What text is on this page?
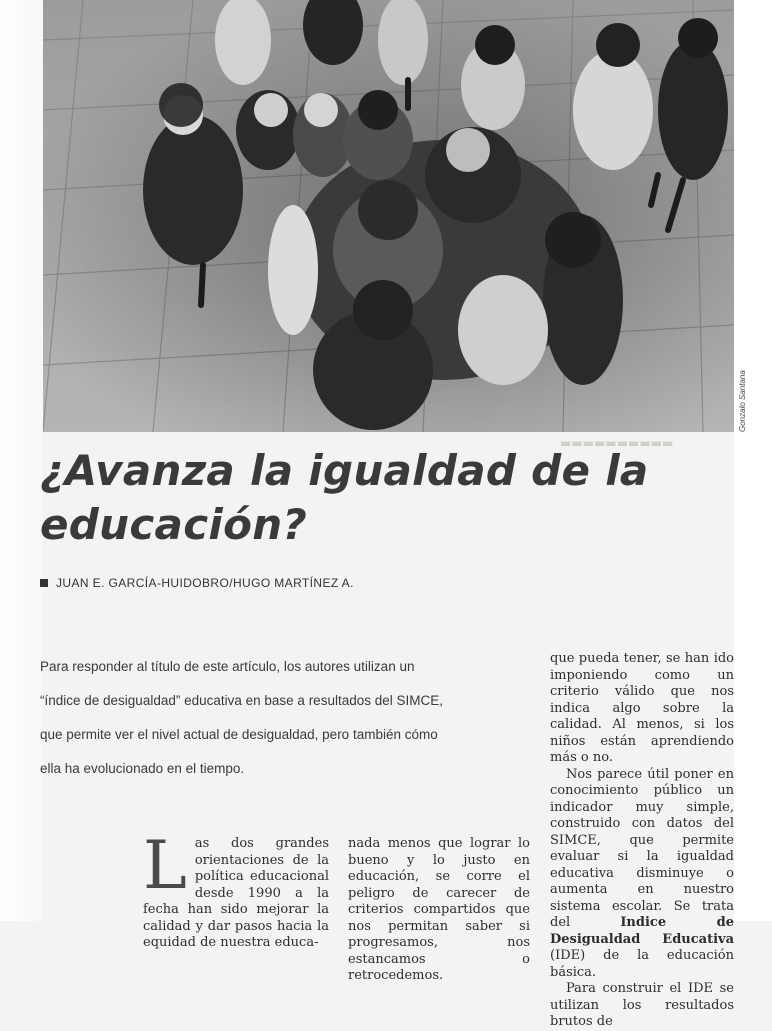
▬▬▬▬▬▬▬▬▬▬
Gonzalo Santana
¿Avanza la igualdad de la
educación?
JUAN E. GARCÍA-HUIDOBRO/HUGO MARTÍNEZ A.

Para responder al título de este artículo, los autores utilizan un

“índice de desigualdad” educativa en base a resultados del SIMCE,

que permite ver el nivel actual de desigualdad, pero también cómo

ella ha evolucionado en el tiempo.

L as dos grandes orientaciones de la política educacional desde 1990 a la fecha han sido mejorar la calidad y dar pasos hacia la equidad de nuestra educa-

nada menos que lograr lo bueno y lo justo en educación, se corre el peligro de carecer de criterios compartidos que nos permitan saber si progresamos, nos estancamos o retrocedemos.

que pueda tener, se han ido imponiendo como un criterio válido que nos indica algo sobre la calidad. Al menos, si los niños están aprendiendo más o no.

Nos parece útil poner en conocimiento público un indicador muy simple, construido con datos del SIMCE, que permite evaluar si la igualdad educativa disminuye o aumenta en nuestro sistema escolar. Se trata del Indice de Desigualdad Educativa (IDE) de la educación básica.

Para construir el IDE se utilizan los resultados brutos de
